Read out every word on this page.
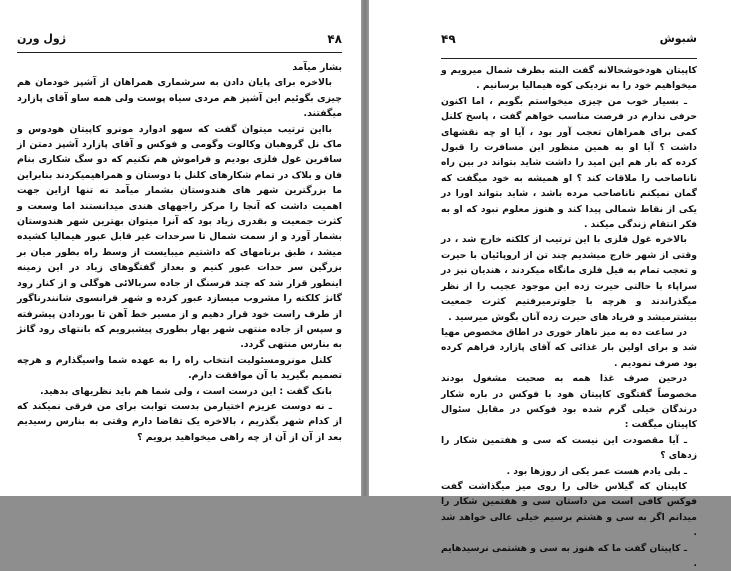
۴۸
ژول ورن

بشار میآمد

بالاخره برای پایان دادن به سرشماری همراهان از آشپز خودمان هم چیزی بگوئیم این آشپز هم مردی سیاه پوست ولی همه ساو آقای پازارد میگفتند.

بااین ترتیب میتوان گفت که سهو ادوارد مونرو کاپیتان هودوس و ماک نل گروهبان وکالوت وگومی و فوکس و آقای پازارد آشپز دمتن از سافرین غول فلزی بودیم و فراموش هم نکنیم که دو سگ شکاری بنام فان و بلاک در تمام شکارهای کلنل با دوستان و همراهیمیکردند بنابراین ما بزرگترین شهر های هندوستان بشمار میآمد نه تنها ازاین جهت اهمیت داشت که آنجا را مرکز راجههای هندی میدانستند اما وسعت و کثرت جمعیت و بقدری زیاد بود که آنرا میتوان بهترین شهر هندوستان بشمار آورد و از سمت شمال تا سرحدات غیر قابل عبور هیمالیا کشیده میشد ، طبق برنامهای که داشتیم میبایست از وسط راه بطور میان بر بزرگین سر حدات عبور کنیم و بعداز گفتگوهای زیاد در این زمینه اینطور قرار شد که چند فرسنگ از جاده سربالائی هوگلی و از کنار رود گانژ کلکته را مشروب میسازد عبور کرده و شهر فرانسوی شانندرناگور از طرف راست خود قرار دهیم و از مسیر خط آهن تا بوردادن پیشرفته و سپس از جاده منتهی شهر بهار بطوری پیشبرویم که بانتهای رود گانژ به بنارس منتهی گردد.

کلنل مونرومسئولیت انتخاب راه را به عهده شما واسیگذارم و هرچه تصمیم بگیرید با آن موافقت دارم.

بانک گفت : این درست است ، ولی شما هم باید نظریهای بدهید.

ـ نه دوست عزیزم اختیارمن بدست توابت برای من فرقی نمیکند که از کدام شهر بگذریم ، بالاخره یک تقاضا دارم وقتی به بنارس رسیدیم بعد از آن از آن از چه راهی میخواهید برویم ؟

۴۹	شبوش

کاپیتان هودخوشحالانه گفت البته بطرف شمال میرویم و میخواهیم خود را به نزدیکی کوه هیمالیا برسانیم .

ـ بسیار خوب من چیزی میخواستم بگویم ، اما اکنون حرفی ندارم در فرصت مناسب خواهم گفت ، پاسخ کلنل کمی برای همراهان تعجب آور بود ، آیا او چه نقشهای داشت ؟ آیا او به همین منظور این مسافرت را قبول کرده که بار هم این امید را داشت شاید بتواند در بین راه ناناصاحب را ملاقات کند ؟ او همیشه به خود میگفت که گمان نمیکنم ناناصاحب مرده باشد ، شاید بتواند اورا در یکی از نقاط شمالی پیدا کند و هنوز معلوم نبود که او به فکر انتقام زندگی میکند .

بالاخره غول فلزی با این ترتیب از کلکته خارج شد ، در وقتی از شهر خارج میشدیم چند تن از اروپائیان با حیرت و تعجب تمام به فیل فلزی مانگاه میکردند ، هندیان نیز در سراپاء با حالتی حیرت زده این موجود عجیب را از نظر میگذراندند و هرچه با جلوترمیرفتیم کثرت جمعیت بیشترمیشد و فریاد های حیرت زده آنان بگوش میرسید .

در ساعت ده به میز ناهار خوری در اطاق مخصوص مهیا شد و برای اولین بار غذائی که آقای پازارد فراهم کرده بود صرف نمودیم .

درحین صرف غذا همه به صحبت مشغول بودند مخصوصاً گفتگوی کاپیتان هود با فوکس در باره شکار درندگان خیلی گرم شده بود فوکس در مقابل سئوال کاپیتان میگفت :

ـ آیا مقصودت این نیست که سی و هفتمین شکار را زدهای ؟

ـ بلی یادم هست عمر یکی از روزها بود .

کاپیتان که گیلاس خالی را روی میز میگذاشت گفت فوکس کافی است من داستان سی و هفتمین شکار را میدانم اگر به سی و هشتم برسیم خیلی عالی خواهد شد .

ـ کاپیتان گفت ما که هنوز به سی و هشتمی نرسیدهایم .
